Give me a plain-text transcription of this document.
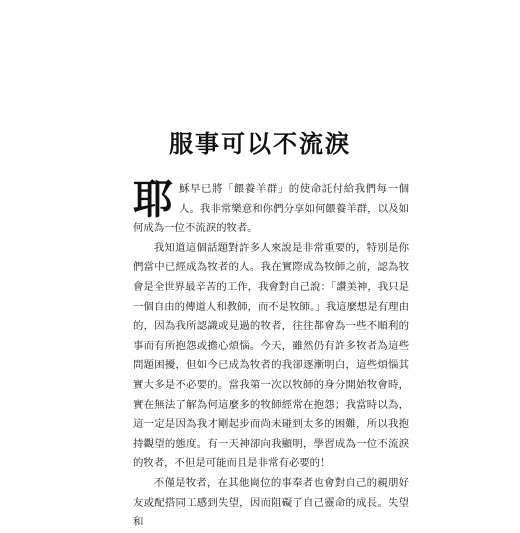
服事可以不流淚

耶穌早已將「餵養羊群」的使命託付給我們每一個人。我非常樂意和你們分享如何餵養羊群，以及如何成為一位不流淚的牧者。

我知道這個話題對許多人來說是非常重要的，特別是你們當中已經成為牧者的人。我在實際成為牧師之前，認為牧會是全世界最辛苦的工作，我會對自己說：「讚美神，我只是一個自由的傳道人和教師，而不是牧師。」我這麼想是有理由的，因為我所認識或見過的牧者，往往都會為一些不順利的事而有所抱怨或擔心煩惱。今天，雖然仍有許多牧者為這些問題困擾，但如今已成為牧者的我卻逐漸明白，這些煩惱其實大多是不必要的。當我第一次以牧師的身分開始牧會時，實在無法了解為何這麼多的牧師經常在抱怨；我當時以為，這一定是因為我才剛起步而尚未碰到太多的困難，所以我抱持觀望的態度。有一天神卻向我顯明，學習成為一位不流淚的牧者，不但是可能而且是非常有必要的！

不僅是牧者，在其他崗位的事奉者也會對自己的親朋好友或配搭同工感到失望，因而阻礙了自己靈命的成長。失望和
